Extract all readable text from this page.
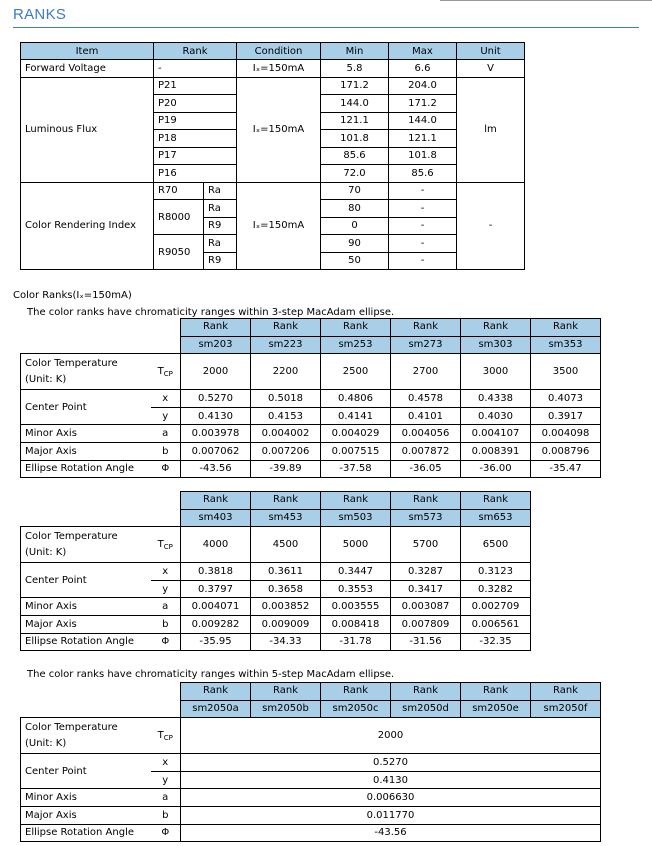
RANKS
Item	Rank		Condition	Min	Max	Unit
Forward Voltage	-		Iₓ=150mA	5.8	6.6	V
Luminous Flux	P21		Iₓ=150mA	171.2	204.0	lm
	P20			144.0	171.2	
	P19			121.1	144.0	
	P18			101.8	121.1	
	P17			85.6	101.8	
	P16			72.0	85.6	
Color Rendering Index	R70	Ra	Iₓ=150mA	70	-	-
	R8000	Ra		80	-	
		R9		0	-	
	R9050	Ra		90	-	
		R9		50	-	
Color Ranks(Iₓ=150mA)
The color ranks have chromaticity ranges within 3-step MacAdam ellipse.
		Rank	Rank	Rank	Rank	Rank	Rank
		sm203	sm223	sm253	sm273	sm303	sm353
Color Temperature
(Unit: K)	$T_{CP}$	2000	2200	2500	2700	3000	3500
Center Point	x	0.5270	0.5018	0.4806	0.4578	0.4338	0.4073
	y	0.4130	0.4153	0.4141	0.4101	0.4030	0.3917
Minor Axis	a	0.003978	0.004002	0.004029	0.004056	0.004107	0.004098
Major Axis	b	0.007062	0.007206	0.007515	0.007872	0.008391	0.008796
Ellipse Rotation Angle	Φ	-43.56	-39.89	-37.58	-36.05	-36.00	-35.47
		Rank	Rank	Rank	Rank	Rank
		sm403	sm453	sm503	sm573	sm653
Color Temperature
(Unit: K)	$T_{CP}$	4000	4500	5000	5700	6500
Center Point	x	0.3818	0.3611	0.3447	0.3287	0.3123
	y	0.3797	0.3658	0.3553	0.3417	0.3282
Minor Axis	a	0.004071	0.003852	0.003555	0.003087	0.002709
Major Axis	b	0.009282	0.009009	0.008418	0.007809	0.006561
Ellipse Rotation Angle	Φ	-35.95	-34.33	-31.78	-31.56	-32.35
The color ranks have chromaticity ranges within 5-step MacAdam ellipse.
		Rank	Rank	Rank	Rank	Rank	Rank
		sm2050a	sm2050b	sm2050c	sm2050d	sm2050e	sm2050f
Color Temperature
(Unit: K)	$T_{CP}$	2000					
Center Point	x	0.5270					
	y	0.4130					
Minor Axis	a	0.006630					
Major Axis	b	0.011770					
Ellipse Rotation Angle	Φ	-43.56					
